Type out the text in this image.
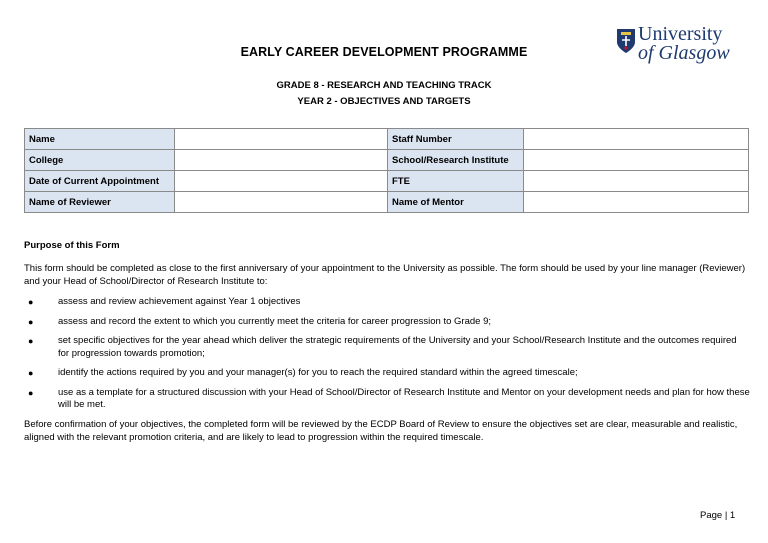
EARLY CAREER DEVELOPMENT PROGRAMME
University
of Glasgow
GRADE 8 - RESEARCH AND TEACHING TRACK
YEAR 2 - OBJECTIVES AND TARGETS
Name		Staff Number	
College		School/Research Institute	
Date of Current Appointment		FTE	
Name of Reviewer		Name of Mentor	
Purpose of this Form
This form should be completed as close to the first anniversary of your appointment to the University as possible. The form should be used by your line manager (Reviewer) and your Head of School/Director of Research Institute to:
●	assess and review achievement against Year 1 objectives
●	assess and record the extent to which you currently meet the criteria for career progression to Grade 9;
●	set specific objectives for the year ahead which deliver the strategic requirements of the University and your School/Research Institute and the outcomes required for progression towards promotion;
●	identify the actions required by you and your manager(s) for you to reach the required standard within the agreed timescale;
●	use as a template for a structured discussion with your Head of School/Director of Research Institute and Mentor on your development needs and plan for how these will be met.
Before confirmation of your objectives, the completed form will be reviewed by the ECDP Board of Review to ensure the objectives set are clear, measurable and realistic, aligned with the relevant promotion criteria, and are likely to lead to progression within the required timescale.
Page | 1
